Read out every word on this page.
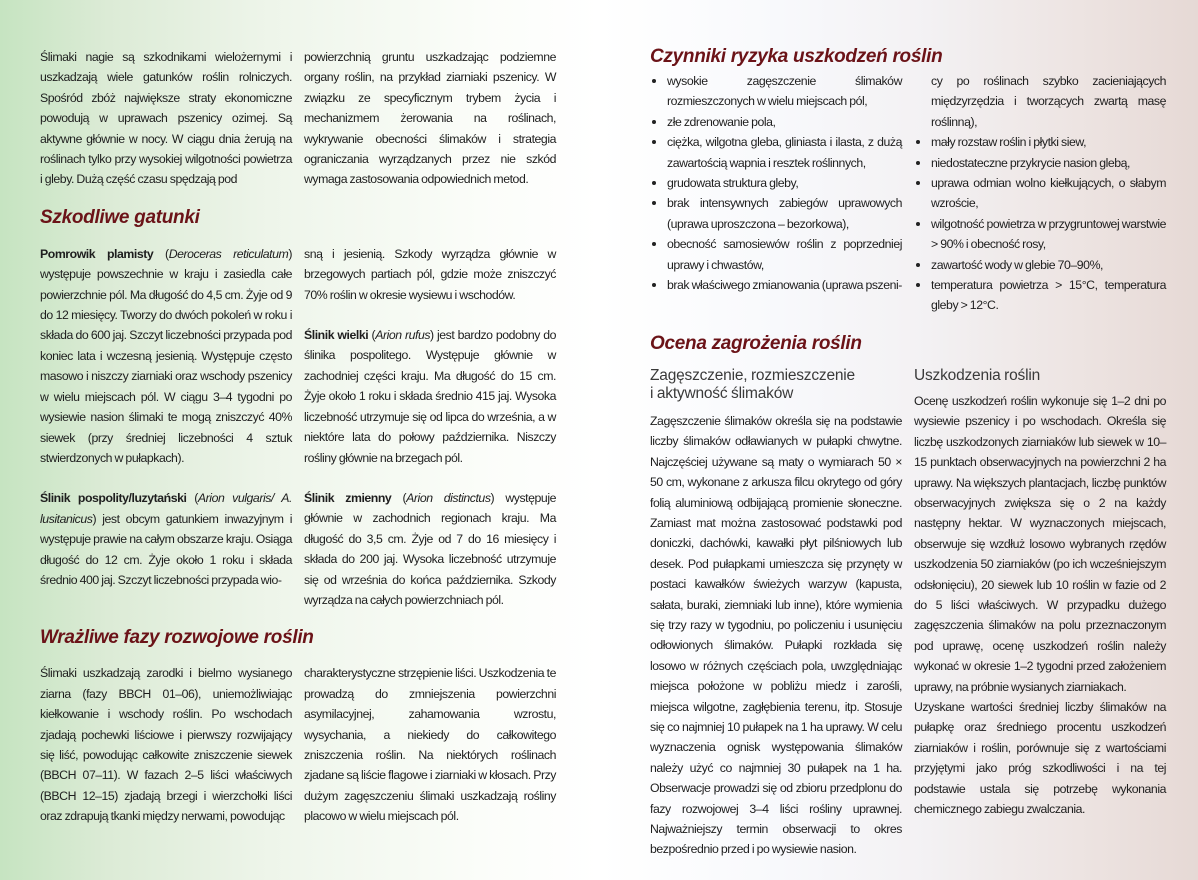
Ślimaki nagie są szkodnikami wielożernymi i uszkadzają wiele gatunków roślin rolniczych. Spośród zbóż największe straty ekonomiczne powodują w uprawach pszenicy ozimej. Są aktywne głównie w nocy. W ciągu dnia żerują na roślinach tylko przy wysokiej wilgotności powietrza i gleby. Dużą część czasu spędzają pod

powierzchnią gruntu uszkadzając podziemne organy roślin, na przykład ziarniaki pszenicy. W związku ze specyficznym trybem życia i mechanizmem żerowania na roślinach, wykrywanie obecności ślimaków i strategia ograniczania wyrządzanych przez nie szkód wymaga zastosowania odpowiednich metod.

Szkodliwe gatunki

Pomrowik plamisty (Deroceras reticulatum) występuje powszechnie w kraju i zasiedla całe powierzchnie pól. Ma długość do 4,5 cm. Żyje od 9 do 12 miesięcy. Tworzy do dwóch pokoleń w roku i składa do 600 jaj. Szczyt liczebności przypada pod koniec lata i wczesną jesienią. Występuje często masowo i niszczy ziarniaki oraz wschody pszenicy w wielu miejscach pól. W ciągu 3–4 tygodni po wysiewie nasion ślimaki te mogą zniszczyć 40% siewek (przy średniej liczebności 4 sztuk stwierdzonych w pułapkach).

Ślinik pospolity/luzytański (Arion vulgaris/ A. lusitanicus) jest obcym gatunkiem inwazyjnym i występuje prawie na całym obszarze kraju. Osiąga długość do 12 cm. Żyje około 1 roku i składa średnio 400 jaj. Szczyt liczebności przypada wio-

sną i jesienią. Szkody wyrządza głównie w brzegowych partiach pól, gdzie może zniszczyć 70% roślin w okresie wysiewu i wschodów.

Ślinik wielki (Arion rufus) jest bardzo podobny do ślinika pospolitego. Występuje głównie w zachodniej części kraju. Ma długość do 15 cm. Żyje około 1 roku i składa średnio 415 jaj. Wysoka liczebność utrzymuje się od lipca do września, a w niektóre lata do połowy października. Niszczy rośliny głównie na brzegach pól.

Ślinik zmienny (Arion distinctus) występuje głównie w zachodnich regionach kraju. Ma długość do 3,5 cm. Żyje od 7 do 16 miesięcy i składa do 200 jaj. Wysoka liczebność utrzymuje się od września do końca października. Szkody wyrządza na całych powierzchniach pól.

Wrażliwe fazy rozwojowe roślin

Ślimaki uszkadzają zarodki i bielmo wysianego ziarna (fazy BBCH 01–06), uniemożliwiając kiełkowanie i wschody roślin. Po wschodach zjadają pochewki liściowe i pierwszy rozwijający się liść, powodując całkowite zniszczenie siewek (BBCH 07–11). W fazach 2–5 liści właściwych (BBCH 12–15) zjadają brzegi i wierzchołki liści oraz zdrapują tkanki między nerwami, powodując

charakterystyczne strzępienie liści. Uszkodzenia te prowadzą do zmniejszenia powierzchni asymilacyjnej, zahamowania wzrostu, wysychania, a niekiedy do całkowitego zniszczenia roślin. Na niektórych roślinach zjadane są liście flagowe i ziarniaki w kłosach. Przy dużym zagęszczeniu ślimaki uszkadzają rośliny placowo w wielu miejscach pól.

Czynniki ryzyka uszkodzeń roślin
wysokie zagęszczenie ślimaków rozmieszczonych w wielu miejscach pól,
złe zdrenowanie pola,
ciężka, wilgotna gleba, gliniasta i ilasta, z dużą zawartością wapnia i resztek roślinnych,
grudowata struktura gleby,
brak intensywnych zabiegów uprawowych (uprawa uproszczona – bezorkowa),
obecność samosiewów roślin z poprzedniej uprawy i chwastów,
brak właściwego zmianowania (uprawa pszeni-

cy po roślinach szybko zacieniających międzyrzędzia i tworzących zwartą masę roślinną),

mały rozstaw roślin i płytki siew,
niedostateczne przykrycie nasion glebą,
uprawa odmian wolno kiełkujących, o słabym wzroście,
wilgotność powietrza w przygruntowej warstwie > 90% i obecność rosy,
zawartość wody w glebie 70–90%,
temperatura powietrza > 15°C, temperatura gleby > 12°C.
Ocena zagrożenia roślin
Zagęszczenie, rozmieszczenie i aktywność ślimaków

Zagęszczenie ślimaków określa się na podstawie liczby ślimaków odławianych w pułapki chwytne. Najczęściej używane są maty o wymiarach 50 × 50 cm, wykonane z arkusza filcu okrytego od góry folią aluminiową odbijającą promienie słoneczne. Zamiast mat można zastosować podstawki pod doniczki, dachówki, kawałki płyt pilśniowych lub desek. Pod pułapkami umieszcza się przynęty w postaci kawałków świeżych warzyw (kapusta, sałata, buraki, ziemniaki lub inne), które wymienia się trzy razy w tygodniu, po policzeniu i usunięciu odłowionych ślimaków. Pułapki rozkłada się losowo w różnych częściach pola, uwzględniając miejsca położone w pobliżu miedz i zarośli, miejsca wilgotne, zagłębienia terenu, itp. Stosuje się co najmniej 10 pułapek na 1 ha uprawy. W celu wyznaczenia ognisk występowania ślimaków należy użyć co najmniej 30 pułapek na 1 ha. Obserwacje prowadzi się od zbioru przedplonu do fazy rozwojowej 3–4 liści rośliny uprawnej. Najważniejszy termin obserwacji to okres bezpośrednio przed i po wysiewie nasion.

Uszkodzenia roślin

Ocenę uszkodzeń roślin wykonuje się 1–2 dni po wysiewie pszenicy i po wschodach. Określa się liczbę uszkodzonych ziarniaków lub siewek w 10–15 punktach obserwacyjnych na powierzchni 2 ha uprawy. Na większych plantacjach, liczbę punktów obserwacyjnych zwiększa się o 2 na każdy następny hektar. W wyznaczonych miejscach, obserwuje się wzdłuż losowo wybranych rzędów uszkodzenia 50 ziarniaków (po ich wcześniejszym odsłonięciu), 20 siewek lub 10 roślin w fazie od 2 do 5 liści właściwych. W przypadku dużego zagęszczenia ślimaków na polu przeznaczonym pod uprawę, ocenę uszkodzeń roślin należy wykonać w okresie 1–2 tygodni przed założeniem uprawy, na próbnie wysianych ziarniakach.

Uzyskane wartości średniej liczby ślimaków na pułapkę oraz średniego procentu uszkodzeń ziarniaków i roślin, porównuje się z wartościami przyjętymi jako próg szkodliwości i na tej podstawie ustala się potrzebę wykonania chemicznego zabiegu zwalczania.
